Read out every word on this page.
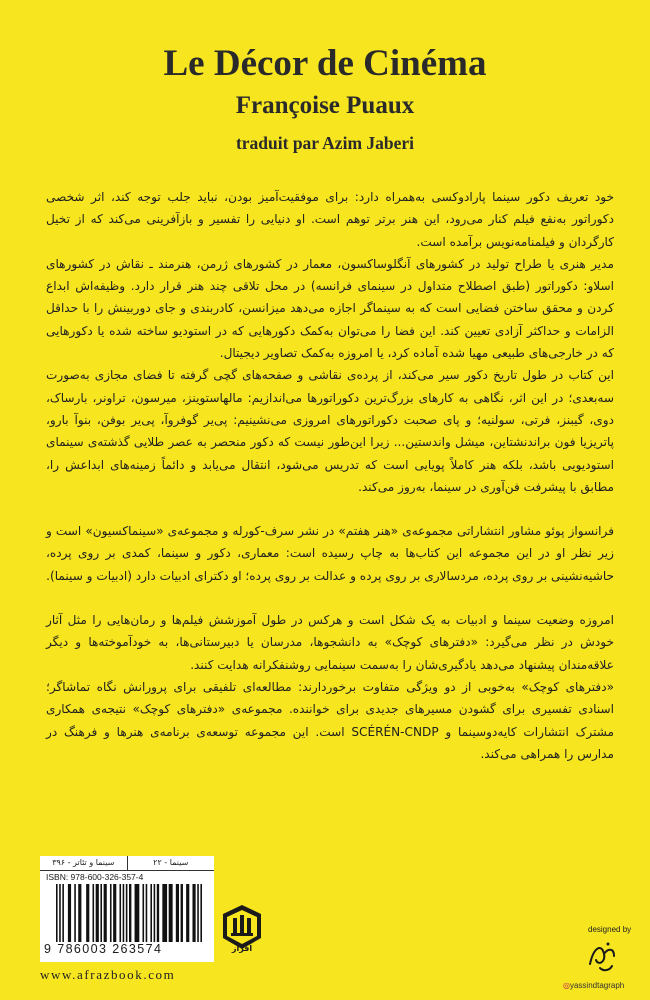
Le Décor de Cinéma
Françoise Puaux
traduit par Azim Jaberi

خود تعریف دکور سینما پارادوکسی به‌همراه دارد: برای موفقیت‌آمیز بودن، نباید جلب توجه کند، اثر شخصی دکوراتور به‌نفع فیلم کنار می‌رود، این هنر برتر توهم است. او دنیایی را تفسیر و بازآفرینی می‌کند که از تخیل کارگردان و فیلمنامه‌نویس برآمده است.

مدیر هنری یا طراح تولید در کشورهای آنگلوساکسون، معمار در کشورهای ژرمن، هنرمند ـ نقاش در کشورهای اسلاو: دکوراتور (طبق اصطلاح متداول در سینمای فرانسه) در محل تلاقی چند هنر قرار دارد. وظیفه‌اش ابداع کردن و محقق ساختن فضایی است که به سینماگر اجازه می‌دهد میزانسن، کادربندی و جای دوربینش را با حداقل الزامات و حداکثر آزادی تعیین کند. این فضا را می‌توان به‌کمک دکورهایی که در استودیو ساخته شده یا دکورهایی که در خارجی‌های طبیعی مهیا شده آماده کرد، یا امروزه به‌کمک تصاویر دیجیتال.

این کتاب در طول تاریخ دکور سیر می‌کند، از پرده‌ی نقاشی و صفحه‌های گچی گرفته تا فضای مجازی به‌صورت سه‌بعدی؛ در این اثر، نگاهی به کارهای بزرگ‌ترین دکوراتورها می‌اندازیم: مالهاستوینز، میرسون، تراونر، بارساک، دوی، گیبنز، فرتی، سولنیه؛ و پای صحبت دکوراتورهای امروزی می‌نشینیم: پی‌یر گوفروآ، پی‌یر بوفن، بنوآ بارو، پاتریزیا فون براندنشتاین، میشل واندستین... زیرا این‌طور نیست که دکور منحصر به عصر طلایی گذشته‌ی سینمای استودیویی باشد، بلکه هنر کاملاً پویایی است که تدریس می‌شود، انتقال می‌یابد و دائماً زمینه‌های ابداعش را، مطابق با پیشرفت فن‌آوری در سینما، به‌روز می‌کند.

فرانسواز پوئو مشاور انتشاراتی مجموعه‌ی «هنر هفتم» در نشر سرف-کورله و مجموعه‌ی «سینماکسیون» است و زیر نظر او در این مجموعه این کتاب‌ها به چاپ رسیده است: معماری، دکور و سینما، کمدی بر روی پرده، حاشیه‌نشینی بر روی پرده، مردسالاری بر روی پرده و عدالت بر روی پرده؛ او دکترای ادبیات دارد (ادبیات و سینما).

امروزه وضعیت سینما و ادبیات به یک شکل است و هرکس در طول آموزشش فیلم‌ها و رمان‌هایی را مثل آثار خودش در نظر می‌گیرد: «دفترهای کوچک» به دانشجوها، مدرسان یا دبیرستانی‌ها، به خودآموخته‌ها و دیگر علاقه‌مندان پیشنهاد می‌دهد یادگیری‌شان را به‌سمت سینمایی روشنفکرانه هدایت کنند.

«دفترهای کوچک» به‌خوبی از دو ویژگی متفاوت برخوردارند: مطالعه‌ای تلفیقی برای پرورانش نگاه تماشاگر؛ اسنادی تفسیری برای گشودن مسیرهای جدیدی برای خواننده. مجموعه‌ی «دفترهای کوچک» نتیجه‌ی همکاری مشترک انتشارات کایه‌دوسینما و SCÉRÉN-CNDP است. این مجموعه توسعه‌ی برنامه‌ی هنرها و فرهنگ در مدارس را همراهی می‌کند.

سینما - ۲۲
سینما و تئاتر - ۳۹۶
ISBN: 978-600-326-357-4
9 786003 263574	افراز
www.afrazbook.com
designed by
◎yassindtagraph
